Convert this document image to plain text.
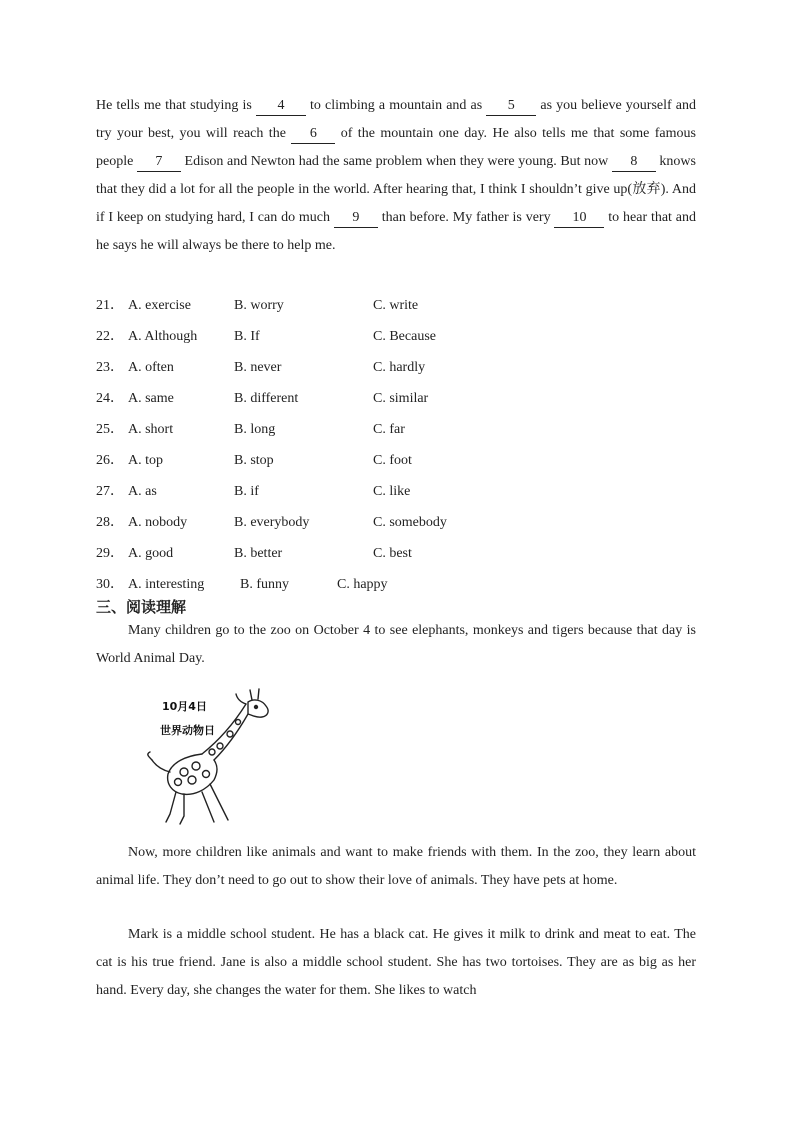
He tells me that studying is 4 to climbing a mountain and as 5 as you believe yourself and try your best, you will reach the 6 of the mountain one day. He also tells me that some famous people 7 Edison and Newton had the same problem when they were young. But now 8 knows that they did a lot for all the people in the world. After hearing that, I think I shouldn’t give up(放弃). And if I keep on studying hard, I can do much 9 than before. My father is very 10 to hear that and he says he will always be there to help me.

21． A. exercise	B. worry	C. write
22． A. Although	B. If	C. Because
23． A. often	B. never	C. hardly
24． A. same	B. different	C. similar
25． A. short	B. long	C. far
26． A. top	B. stop	C. foot
27． A. as	B. if	C. like
28． A. nobody	B. everybody	C. somebody
29． A. good	B. better	C. best
30． A. interesting	B. funny	C. happy
三、阅读理解

Many children go to the zoo on October 4 to see elephants, monkeys and tigers because that day is World Animal Day.

10月4日
世界动物日

Now, more children like animals and want to make friends with them. In the zoo, they learn about animal life. They don’t need to go out to show their love of animals. They have pets at home.

Mark is a middle school student. He has a black cat. He gives it milk to drink and meat to eat. The cat is his true friend. Jane is also a middle school student. She has two tortoises. They are as big as her hand. Every day, she changes the water for them. She likes to watch
